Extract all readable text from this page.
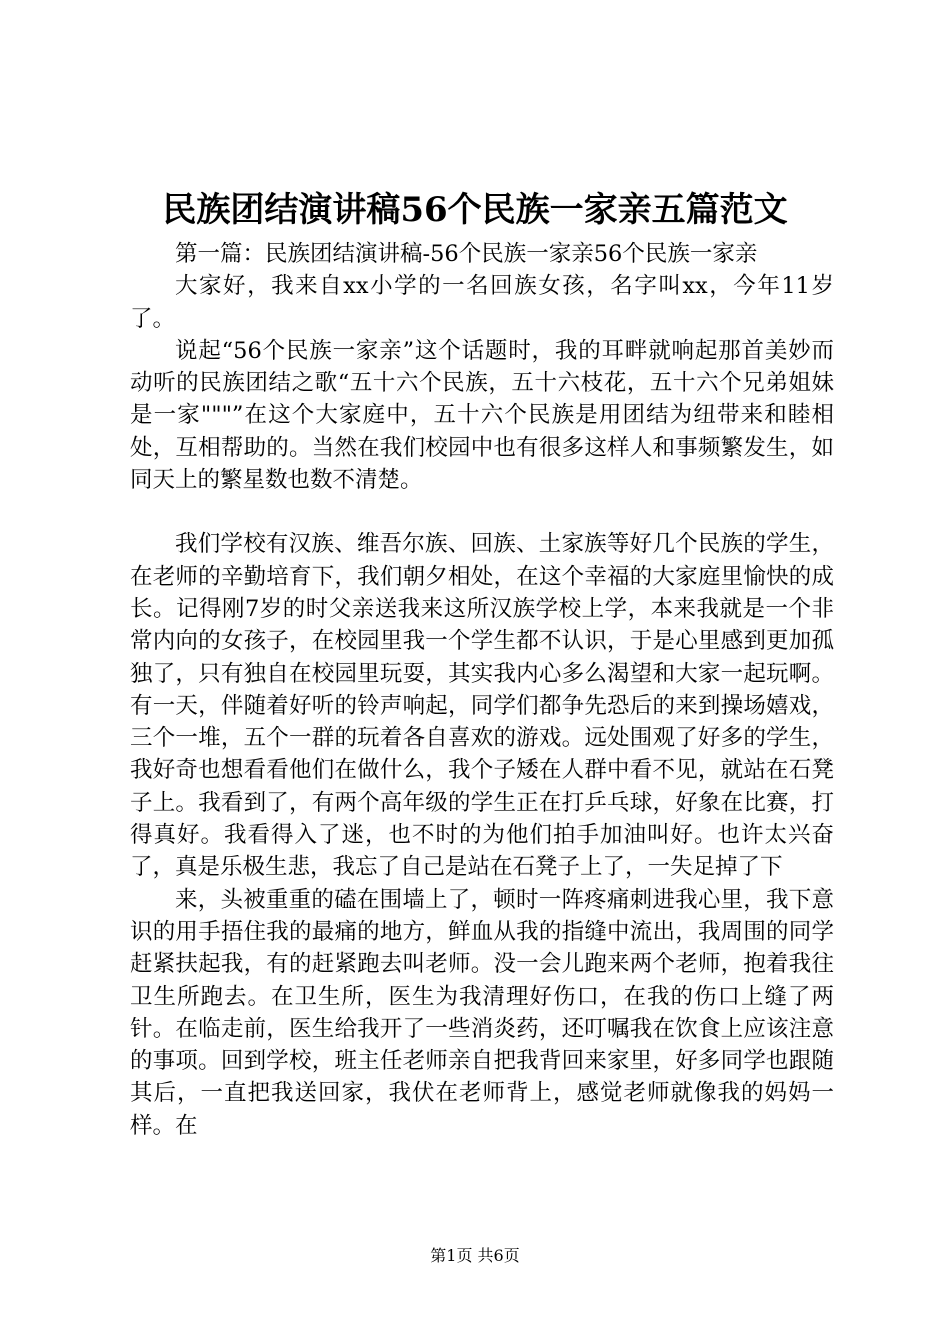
民族团结演讲稿56个民族一家亲五篇范文

第一篇：民族团结演讲稿-56个民族一家亲56个民族一家亲

大家好，我来自xx小学的一名回族女孩，名字叫xx，今年11岁了。

说起“56个民族一家亲”这个话题时，我的耳畔就响起那首美妙而动听的民族团结之歌“五十六个民族，五十六枝花，五十六个兄弟姐妹是一家"""”在这个大家庭中，五十六个民族是用团结为纽带来和睦相处，互相帮助的。当然在我们校园中也有很多这样人和事频繁发生，如同天上的繁星数也数不清楚。

我们学校有汉族、维吾尔族、回族、土家族等好几个民族的学生，在老师的辛勤培育下，我们朝夕相处，在这个幸福的大家庭里愉快的成长。记得刚7岁的时父亲送我来这所汉族学校上学，本来我就是一个非常内向的女孩子，在校园里我一个学生都不认识，于是心里感到更加孤独了，只有独自在校园里玩耍，其实我内心多么渴望和大家一起玩啊。有一天，伴随着好听的铃声响起，同学们都争先恐后的来到操场嬉戏，三个一堆，五个一群的玩着各自喜欢的游戏。远处围观了好多的学生，我好奇也想看看他们在做什么，我个子矮在人群中看不见，就站在石凳子上。我看到了，有两个高年级的学生正在打乒乓球，好象在比赛，打得真好。我看得入了迷，也不时的为他们拍手加油叫好。也许太兴奋了，真是乐极生悲，我忘了自己是站在石凳子上了，一失足掉了下

来，头被重重的磕在围墙上了，顿时一阵疼痛刺进我心里，我下意识的用手捂住我的最痛的地方，鲜血从我的指缝中流出，我周围的同学赶紧扶起我，有的赶紧跑去叫老师。没一会儿跑来两个老师，抱着我往卫生所跑去。在卫生所，医生为我清理好伤口，在我的伤口上缝了两针。在临走前，医生给我开了一些消炎药，还叮嘱我在饮食上应该注意的事项。回到学校，班主任老师亲自把我背回来家里，好多同学也跟随其后，一直把我送回家，我伏在老师背上，感觉老师就像我的妈妈一样。在

第1页 共6页
